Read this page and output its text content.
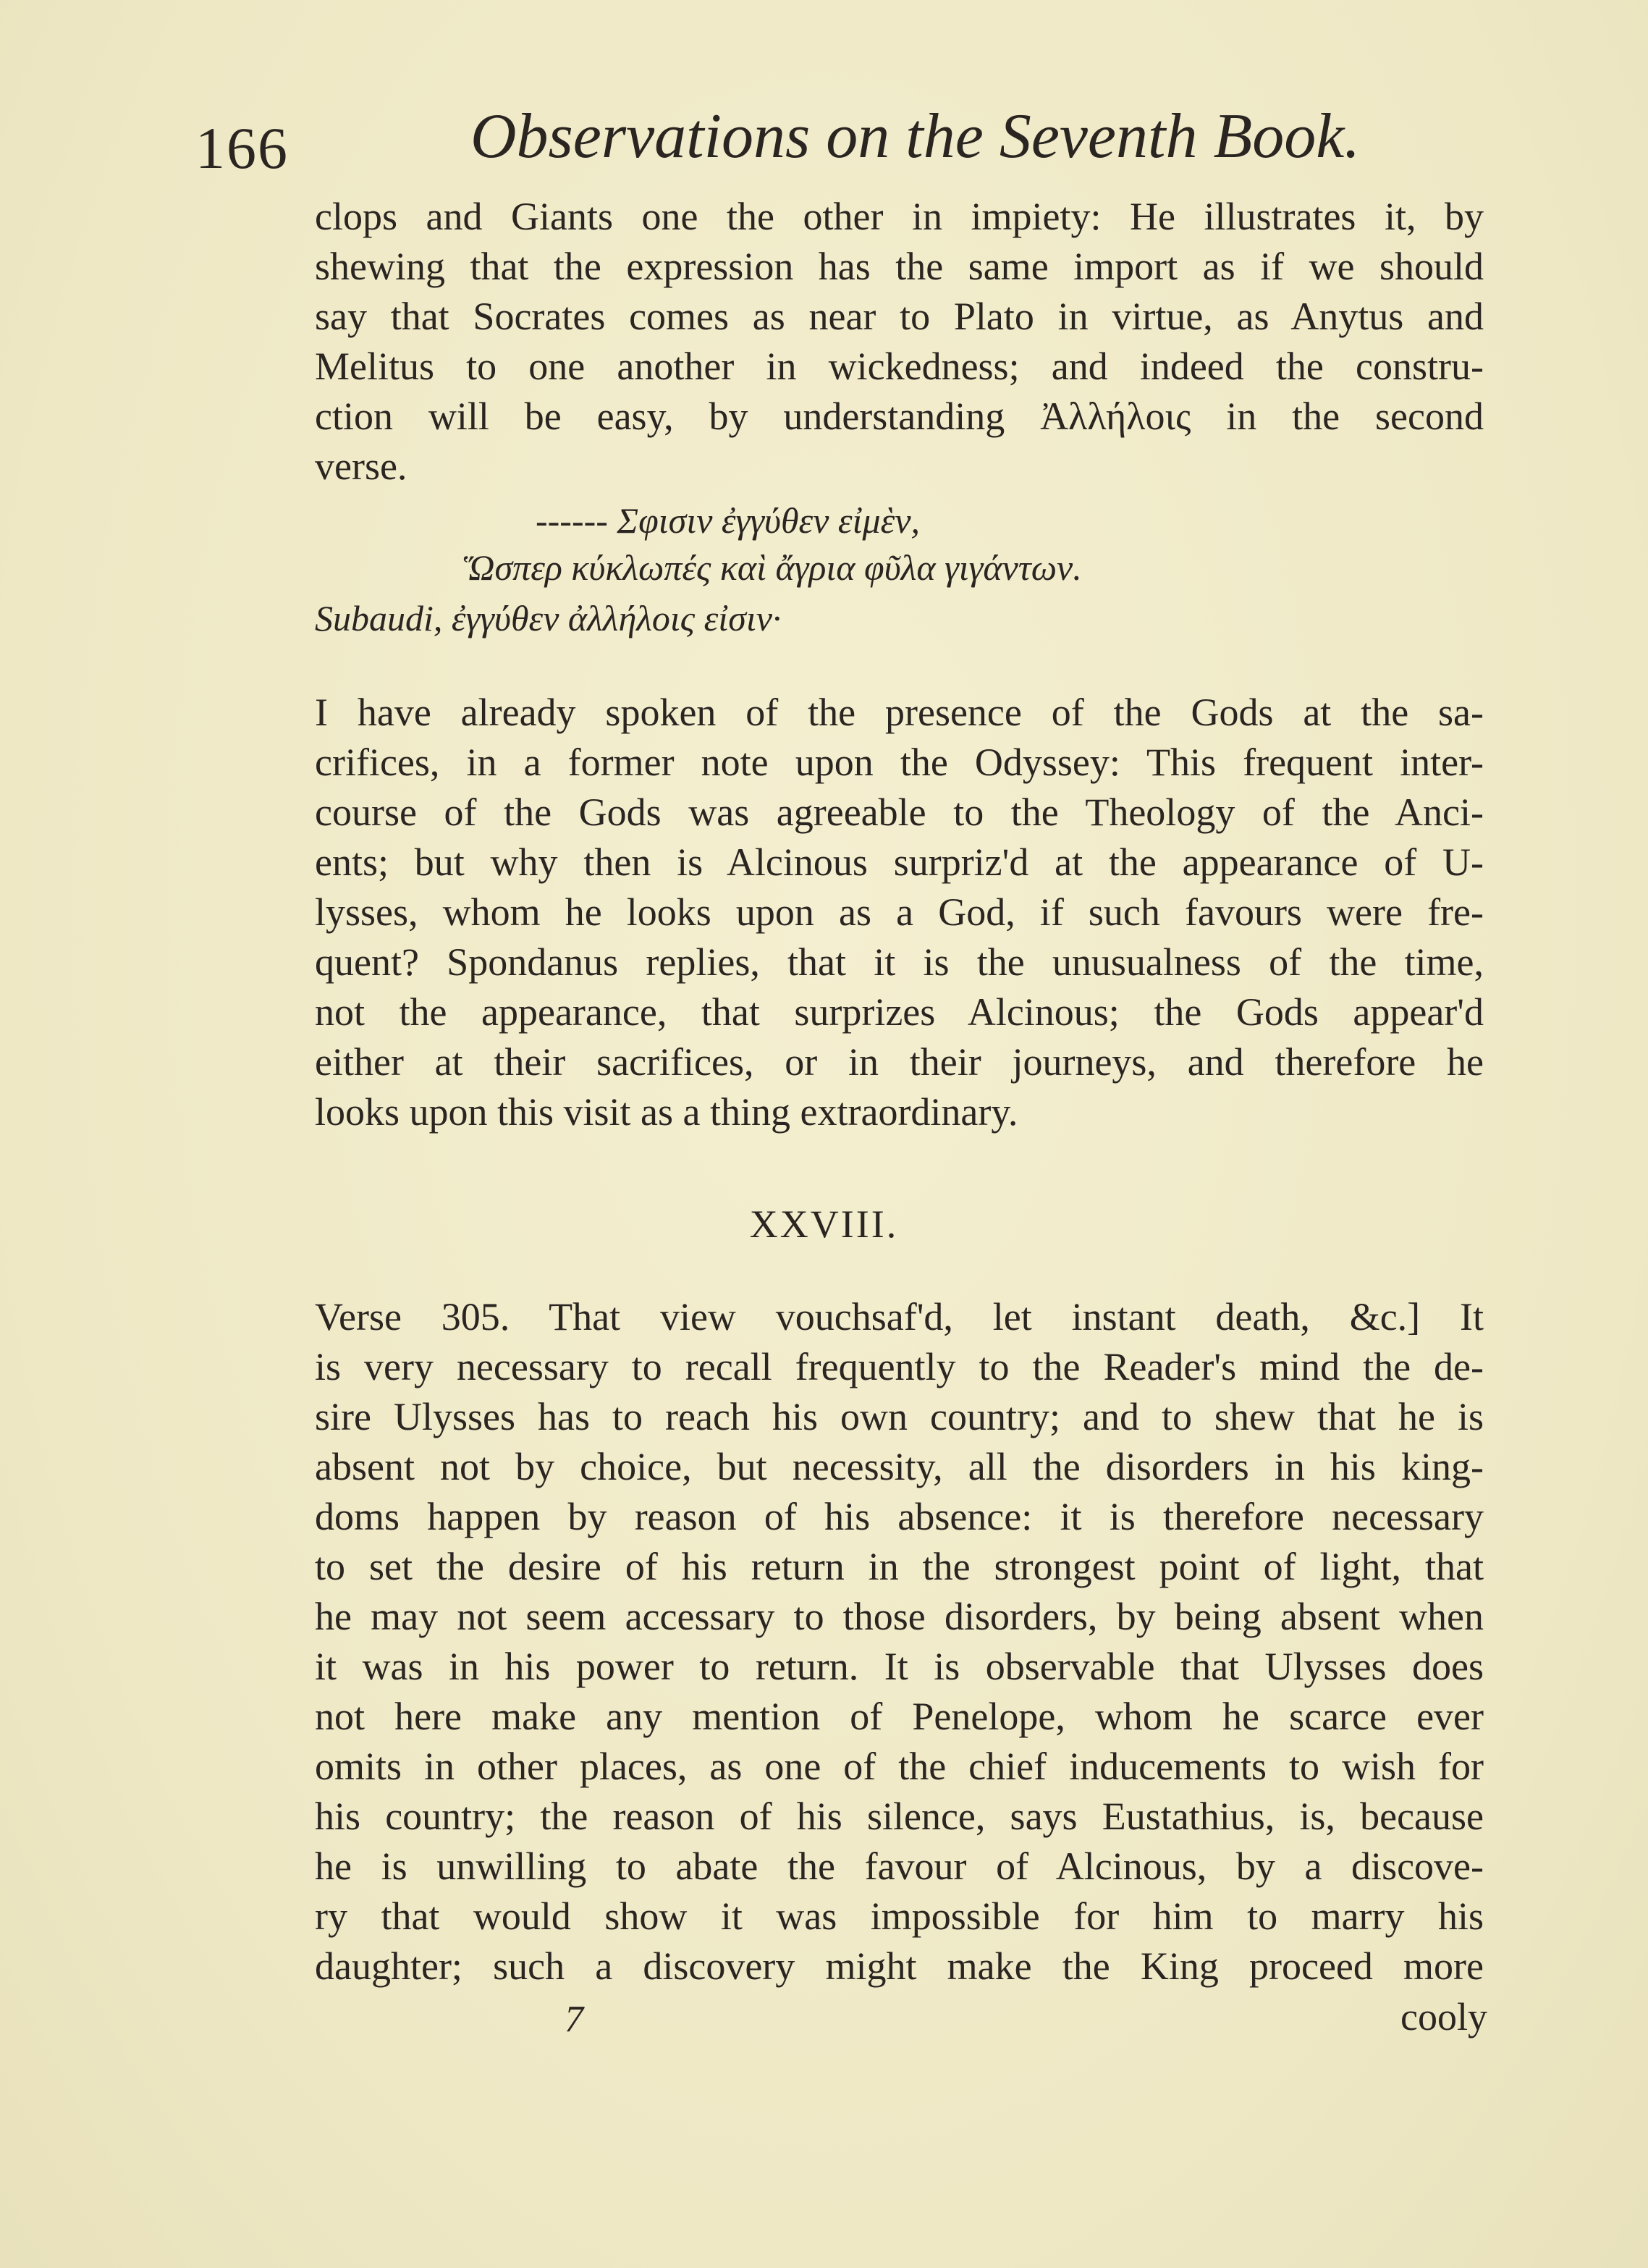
166	Observations on the Seventh Book.
clops and Giants one the other in impiety: He illustrates it, by
shewing that the expression has the same import as if we should
say that Socrates comes as near to Plato in virtue, as Anytus and
Melitus to one another in wickedness; and indeed the constru-
ction will be easy, by understanding Ἀλλήλοις in the second
verse.
------ Σφισιν ἐγγύθεν εἰμὲν,
Ὥσπερ κύκλωπές καὶ ἄγρια φῦλα γιγάντων.
Subaudi, ἐγγύθεν ἀλλήλοις εἰσιν·
I have already spoken of the presence of the Gods at the sa-
crifices, in a former note upon the Odyssey: This frequent inter-
course of the Gods was agreeable to the Theology of the Anci-
ents; but why then is Alcinous surpriz'd at the appearance of U-
lysses, whom he looks upon as a God, if such favours were fre-
quent? Spondanus replies, that it is the unusualness of the time,
not the appearance, that surprizes Alcinous; the Gods appear'd
either at their sacrifices, or in their journeys, and therefore he
looks upon this visit as a thing extraordinary.
XXVIII.
Verse 305. That view vouchsaf'd, let instant death, &c.] It
is very necessary to recall frequently to the Reader's mind the de-
sire Ulysses has to reach his own country; and to shew that he is
absent not by choice, but necessity, all the disorders in his king-
doms happen by reason of his absence: it is therefore necessary
to set the desire of his return in the strongest point of light, that
he may not seem accessary to those disorders, by being absent when
it was in his power to return. It is observable that Ulysses does
not here make any mention of Penelope, whom he scarce ever
omits in other places, as one of the chief inducements to wish for
his country; the reason of his silence, says Eustathius, is, because
he is unwilling to abate the favour of Alcinous, by a discove-
ry that would show it was impossible for him to marry his
daughter; such a discovery might make the King proceed more
7	cooly
